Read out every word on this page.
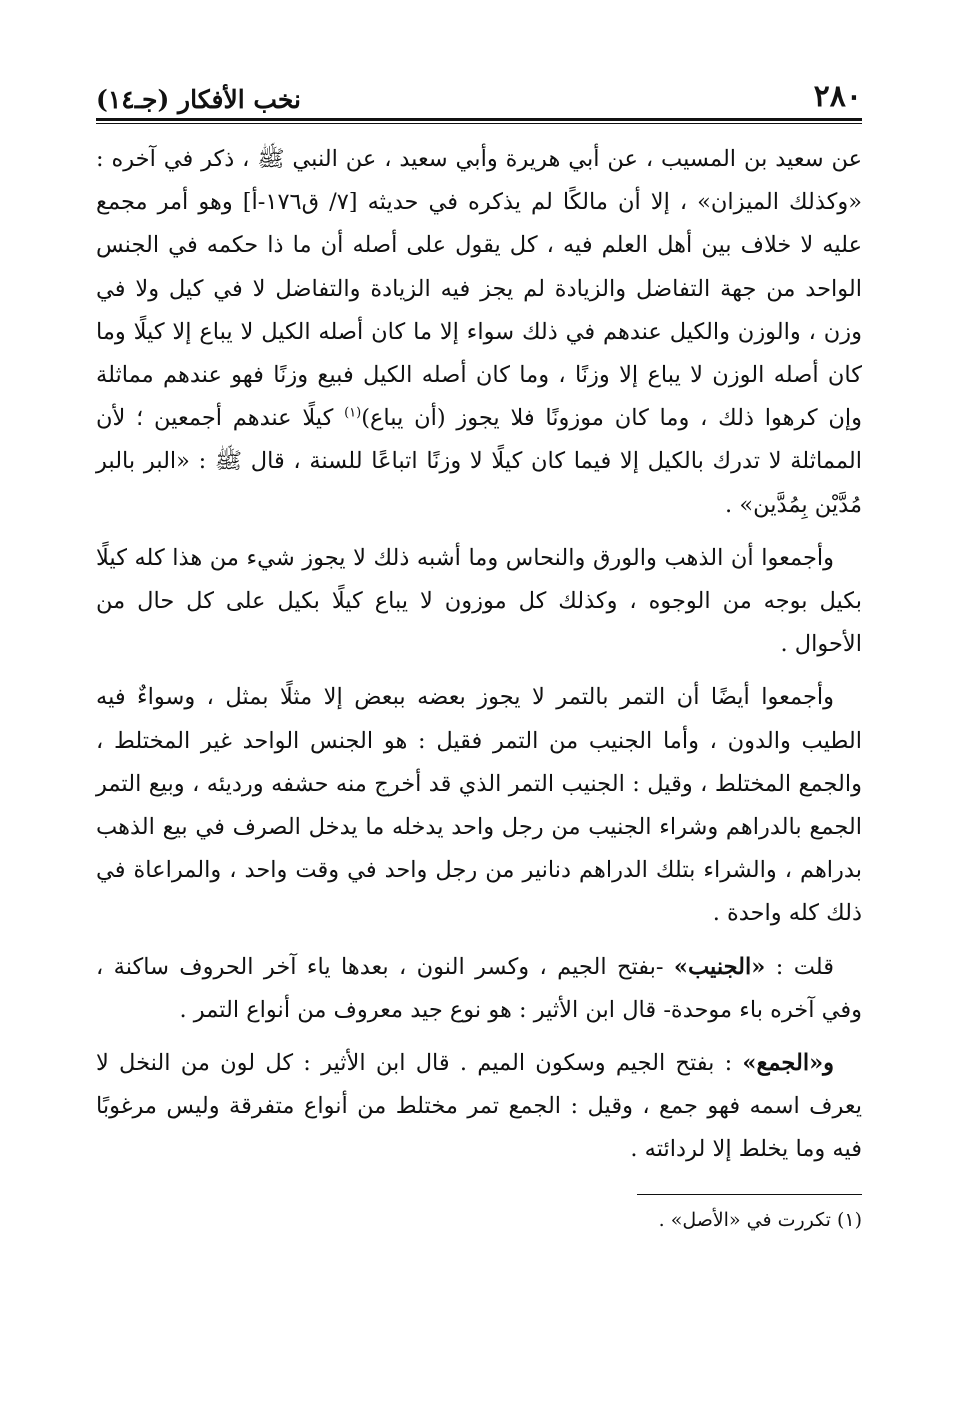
٢٨٠
نخب الأفكار (جـ١٤)

عن سعيد بن المسيب ، عن أبي هريرة وأبي سعيد ، عن النبي ﷺ ، ذكر في آخره : «وكذلك الميزان» ، إلا أن مالكًا لم يذكره في حديثه [٧/ ق١٧٦-أ] وهو أمر مجمع عليه لا خلاف بين أهل العلم فيه ، كل يقول على أصله أن ما ذا حكمه في الجنس الواحد من جهة التفاضل والزيادة لم يجز فيه الزيادة والتفاضل لا في كيل ولا في وزن ، والوزن والكيل عندهم في ذلك سواء إلا ما كان أصله الكيل لا يباع إلا كيلًا وما كان أصله الوزن لا يباع إلا وزنًا ، وما كان أصله الكيل فبيع وزنًا فهو عندهم مماثلة وإن كرهوا ذلك ، وما كان موزونًا فلا يجوز (أن يباع)$^{(١)}$ كيلًا عندهم أجمعين ؛ لأن المماثلة لا تدرك بالكيل إلا فيما كان كيلًا لا وزنًا اتباعًا للسنة ، قال ﷺ : «البر بالبر مُدَّيْن بِمُدَّين» .

وأجمعوا أن الذهب والورق والنحاس وما أشبه ذلك لا يجوز شيء من هذا كله كيلًا بكيل بوجه من الوجوه ، وكذلك كل موزون لا يباع كيلًا بكيل على كل حال من الأحوال .

وأجمعوا أيضًا أن التمر بالتمر لا يجوز بعضه ببعض إلا مثلًا بمثل ، وسواءٌ فيه الطيب والدون ، وأما الجنيب من التمر فقيل : هو الجنس الواحد غير المختلط ، والجمع المختلط ، وقيل : الجنيب التمر الذي قد أخرج منه حشفه ورديئه ، وبيع التمر الجمع بالدراهم وشراء الجنيب من رجل واحد يدخله ما يدخل الصرف في بيع الذهب بدراهم ، والشراء بتلك الدراهم دنانير من رجل واحد في وقت واحد ، والمراعاة في ذلك كله واحدة .

قلت : «الجنيب» -بفتح الجيم ، وكسر النون ، بعدها ياء آخر الحروف ساكنة ، وفي آخره باء موحدة- قال ابن الأثير : هو نوع جيد معروف من أنواع التمر .

و«الجمع» : بفتح الجيم وسكون الميم . قال ابن الأثير : كل لون من النخل لا يعرف اسمه فهو جمع ، وقيل : الجمع تمر مختلط من أنواع متفرقة وليس مرغوبًا فيه وما يخلط إلا لردائته .

(١) تكررت في «الأصل» .
